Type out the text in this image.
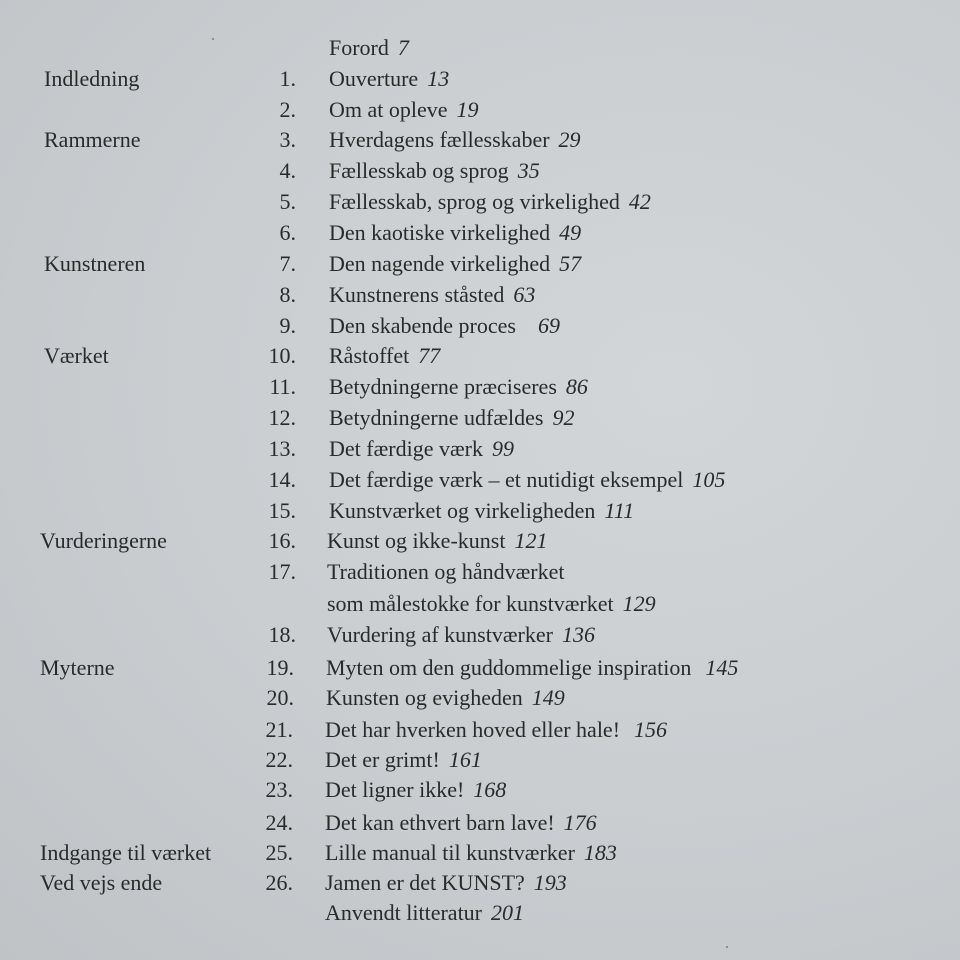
Forord 7
Indledning	1. Ouverture 13
2. Om at opleve 19
Rammerne	3. Hverdagens fællesskaber 29
4. Fællesskab og sprog 35
5. Fællesskab, sprog og virkelighed 42
6. Den kaotiske virkelighed 49
Kunstneren	7. Den nagende virkelighed 57
8. Kunstnerens ståsted 63
9. Den skabende proces 69
Værket	10. Råstoffet 77
11. Betydningerne præciseres 86
12. Betydningerne udfældes 92
13. Det færdige værk 99
14. Det færdige værk – et nutidigt eksempel 105
15. Kunstværket og virkeligheden 111
Vurderingerne	16. Kunst og ikke-kunst 121
17. Traditionen og håndværket
som målestokke for kunstværket 129
18. Vurdering af kunstværker 136
Myterne	19. Myten om den guddommelige inspiration 145
20. Kunsten og evigheden 149
21. Det har hverken hoved eller hale! 156
22. Det er grimt! 161
23. Det ligner ikke! 168
24. Det kan ethvert barn lave! 176
Indgange til værket	25. Lille manual til kunstværker 183
Ved vejs ende	26. Jamen er det KUNST? 193
Anvendt litteratur 201
